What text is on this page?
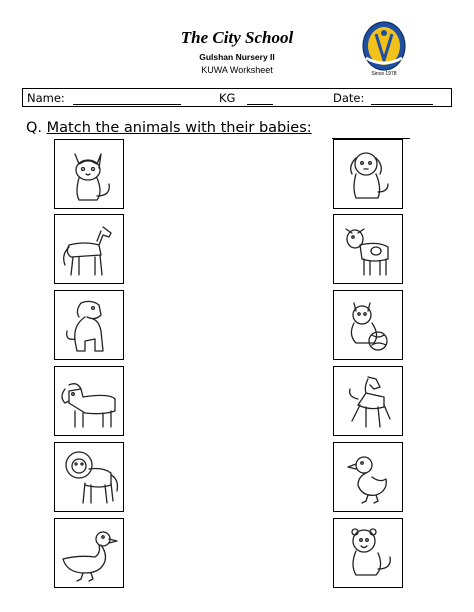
The City School
Gulshan Nursery II
KUWA Worksheet	Since 1978
Name:	KG	Date:
Q. Match the animals with their babies:
